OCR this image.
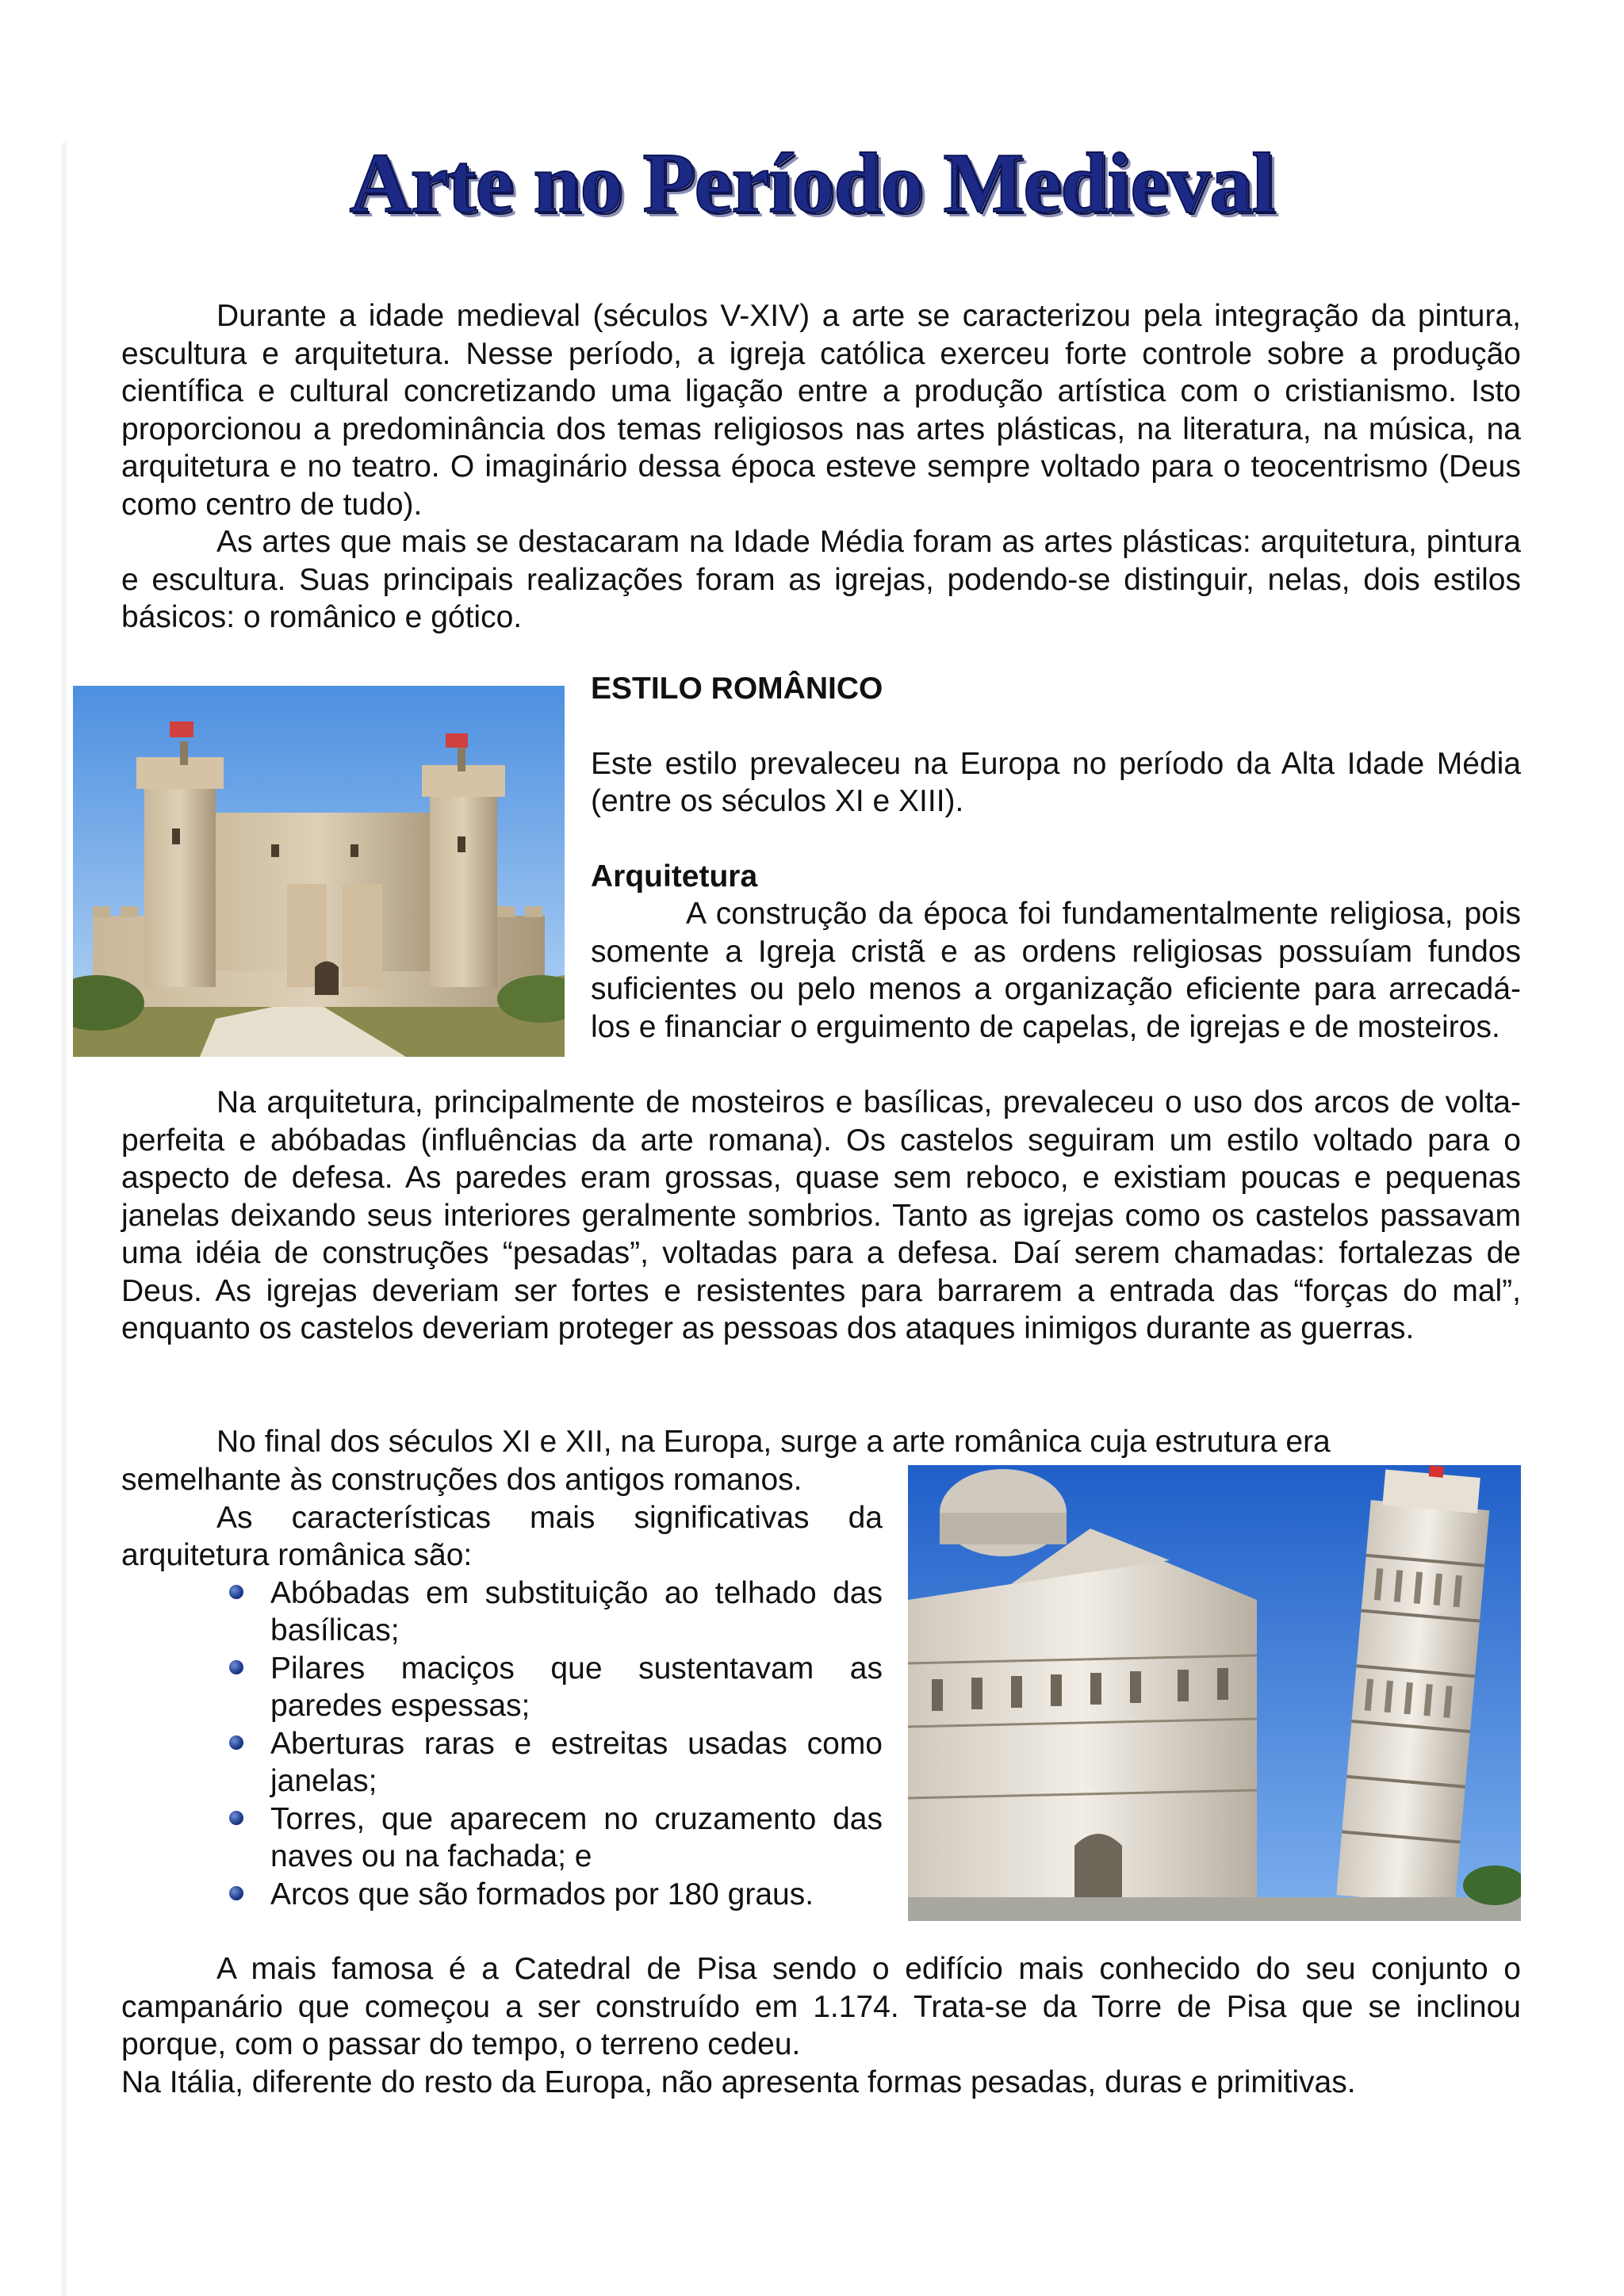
Arte no Período Medieval

Durante a idade medieval (séculos V-XIV) a arte se caracterizou pela integração da pintura, escultura e arquitetura. Nesse período, a igreja católica exerceu forte controle sobre a produção científica e cultural concretizando uma ligação entre a produção artística com o cristianismo. Isto proporcionou a predominância dos temas religiosos nas artes plásticas, na literatura, na música, na arquitetura e no teatro. O imaginário dessa época esteve sempre voltado para o teocentrismo (Deus como centro de tudo).

As artes que mais se destacaram na Idade Média foram as artes plásticas: arquitetura, pintura e escultura. Suas principais realizações foram as igrejas, podendo-se distinguir, nelas, dois estilos básicos: o românico e gótico.

ESTILO ROMÂNICO

Este estilo prevaleceu na Europa no período da Alta Idade Média (entre os séculos XI e XIII).

Arquitetura

A construção da época foi fundamentalmente religiosa, pois somente a Igreja cristã e as ordens religiosas possuíam fundos suficientes ou pelo menos a organização eficiente para arrecadá-los e financiar o erguimento de capelas, de igrejas e de mosteiros.

Na arquitetura, principalmente de mosteiros e basílicas, prevaleceu o uso dos arcos de volta-perfeita e abóbadas (influências da arte romana). Os castelos seguiram um estilo voltado para o aspecto de defesa. As paredes eram grossas, quase sem reboco, e existiam poucas e pequenas janelas deixando seus interiores geralmente sombrios. Tanto as igrejas como os castelos passavam uma idéia de construções “pesadas”, voltadas para a defesa. Daí serem chamadas: fortalezas de Deus. As igrejas deveriam ser fortes e resistentes para barrarem a entrada das “forças do mal”, enquanto os castelos deveriam proteger as pessoas dos ataques inimigos durante as guerras.

No final dos séculos XI e XII, na Europa, surge a arte românica cuja estrutura era

semelhante às construções dos antigos romanos.

As características mais significativas da arquitetura românica são:

Abóbadas em substituição ao telhado das basílicas;
Pilares maciços que sustentavam as paredes espessas;
Aberturas raras e estreitas usadas como janelas;
Torres, que aparecem no cruzamento das naves ou na fachada; e
Arcos que são formados por 180 graus.

A mais famosa é a Catedral de Pisa sendo o edifício mais conhecido do seu conjunto o campanário que começou a ser construído em 1.174. Trata-se da Torre de Pisa que se inclinou porque, com o passar do tempo, o terreno cedeu.

Na Itália, diferente do resto da Europa, não apresenta formas pesadas, duras e primitivas.
